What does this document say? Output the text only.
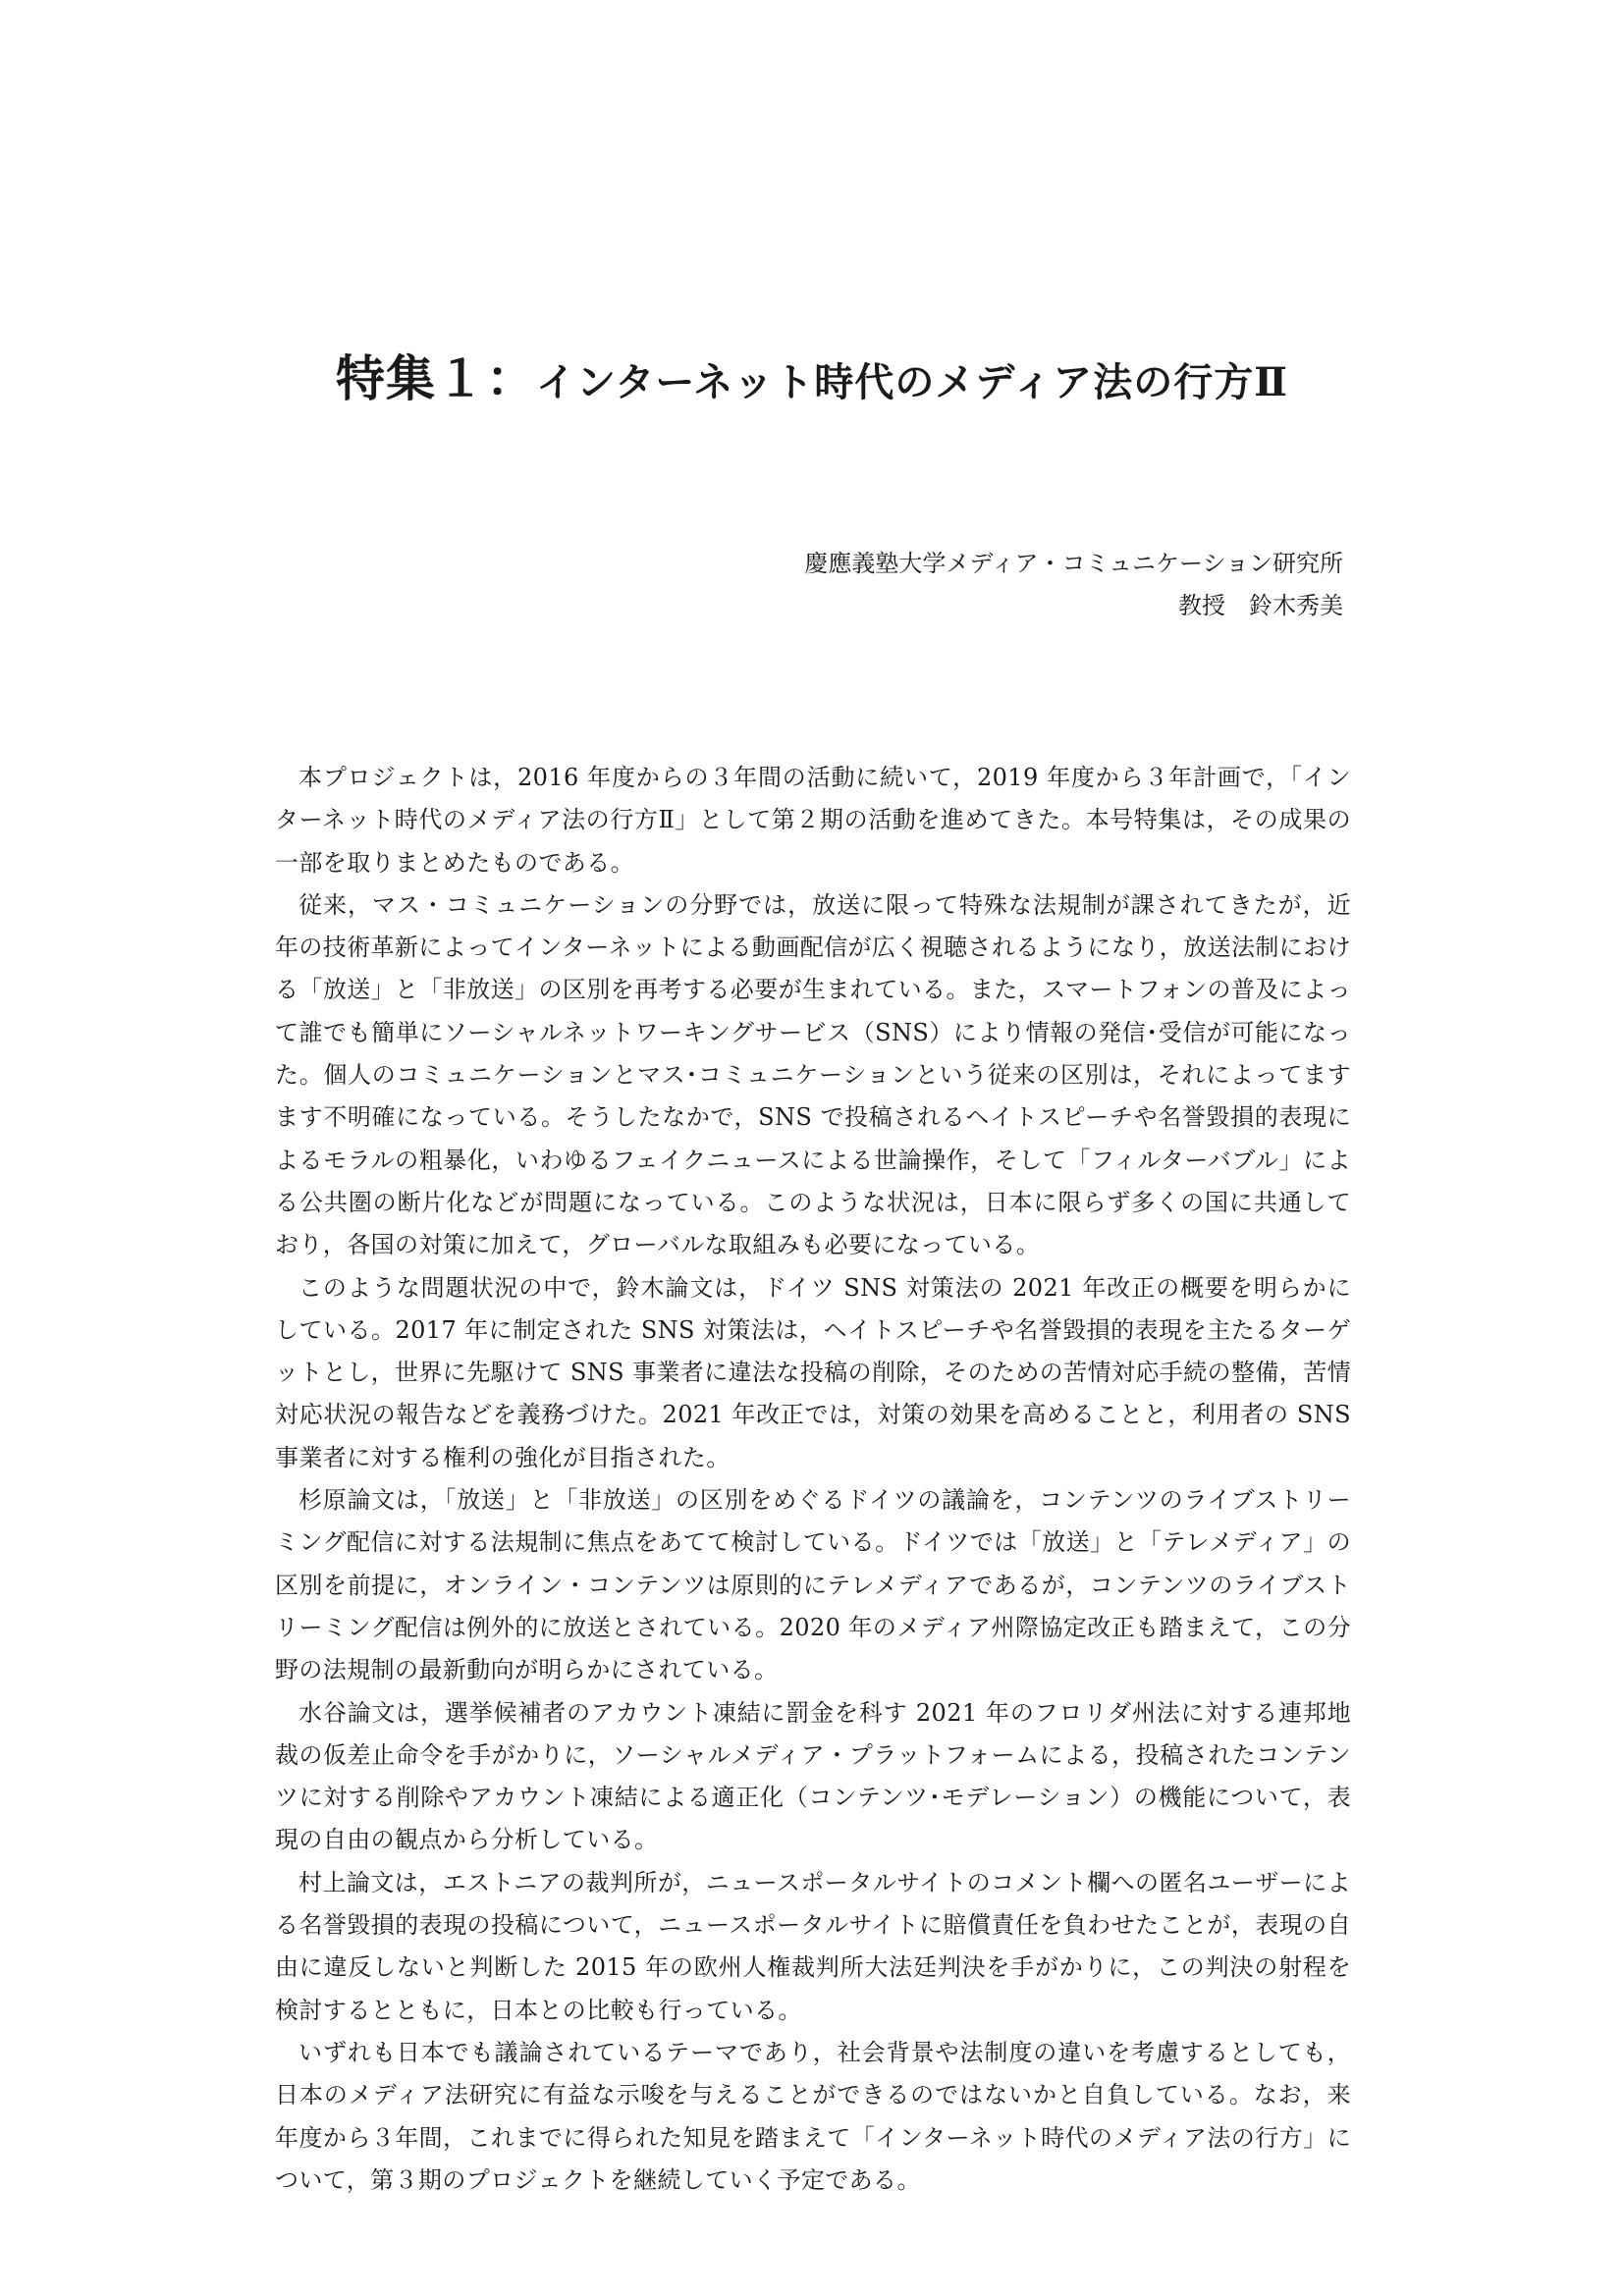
特集１：インターネット時代のメディア法の行方Ⅱ
慶應義塾大学メディア・コミュニケーション研究所
教授　鈴木秀美

本プロジェクトは，2016 年度からの３年間の活動に続いて，2019 年度から３年計画で，「インターネット時代のメディア法の行方Ⅱ」として第２期の活動を進めてきた。本号特集は，その成果の一部を取りまとめたものである。

従来，マス・コミュニケーションの分野では，放送に限って特殊な法規制が課されてきたが，近年の技術革新によってインターネットによる動画配信が広く視聴されるようになり，放送法制における「放送」と「非放送」の区別を再考する必要が生まれている。また，スマートフォンの普及によって誰でも簡単にソーシャルネットワーキングサービス（SNS）により情報の発信･受信が可能になった。個人のコミュニケーションとマス･コミュニケーションという従来の区別は，それによってますます不明確になっている。そうしたなかで，SNS で投稿されるヘイトスピーチや名誉毀損的表現によるモラルの粗暴化，いわゆるフェイクニュースによる世論操作，そして「フィルターバブル」による公共圏の断片化などが問題になっている。このような状況は，日本に限らず多くの国に共通しており，各国の対策に加えて，グローバルな取組みも必要になっている。

このような問題状況の中で，鈴木論文は，ドイツ SNS 対策法の 2021 年改正の概要を明らかにしている。2017 年に制定された SNS 対策法は，ヘイトスピーチや名誉毀損的表現を主たるターゲットとし，世界に先駆けて SNS 事業者に違法な投稿の削除，そのための苦情対応手続の整備，苦情対応状況の報告などを義務づけた。2021 年改正では，対策の効果を高めることと，利用者の SNS 事業者に対する権利の強化が目指された。

杉原論文は，「放送」と「非放送」の区別をめぐるドイツの議論を，コンテンツのライブストリーミング配信に対する法規制に焦点をあてて検討している。ドイツでは「放送」と「テレメディア」の区別を前提に，オンライン・コンテンツは原則的にテレメディアであるが，コンテンツのライブストリーミング配信は例外的に放送とされている。2020 年のメディア州際協定改正も踏まえて，この分野の法規制の最新動向が明らかにされている。

水谷論文は，選挙候補者のアカウント凍結に罰金を科す 2021 年のフロリダ州法に対する連邦地裁の仮差止命令を手がかりに，ソーシャルメディア・プラットフォームによる，投稿されたコンテンツに対する削除やアカウント凍結による適正化（コンテンツ･モデレーション）の機能について，表現の自由の観点から分析している。

村上論文は，エストニアの裁判所が，ニュースポータルサイトのコメント欄への匿名ユーザーによる名誉毀損的表現の投稿について，ニュースポータルサイトに賠償責任を負わせたことが，表現の自由に違反しないと判断した 2015 年の欧州人権裁判所大法廷判決を手がかりに，この判決の射程を検討するとともに，日本との比較も行っている。

いずれも日本でも議論されているテーマであり，社会背景や法制度の違いを考慮するとしても，日本のメディア法研究に有益な示唆を与えることができるのではないかと自負している。なお，来年度から３年間，これまでに得られた知見を踏まえて「インターネット時代のメディア法の行方」について，第３期のプロジェクトを継続していく予定である。
